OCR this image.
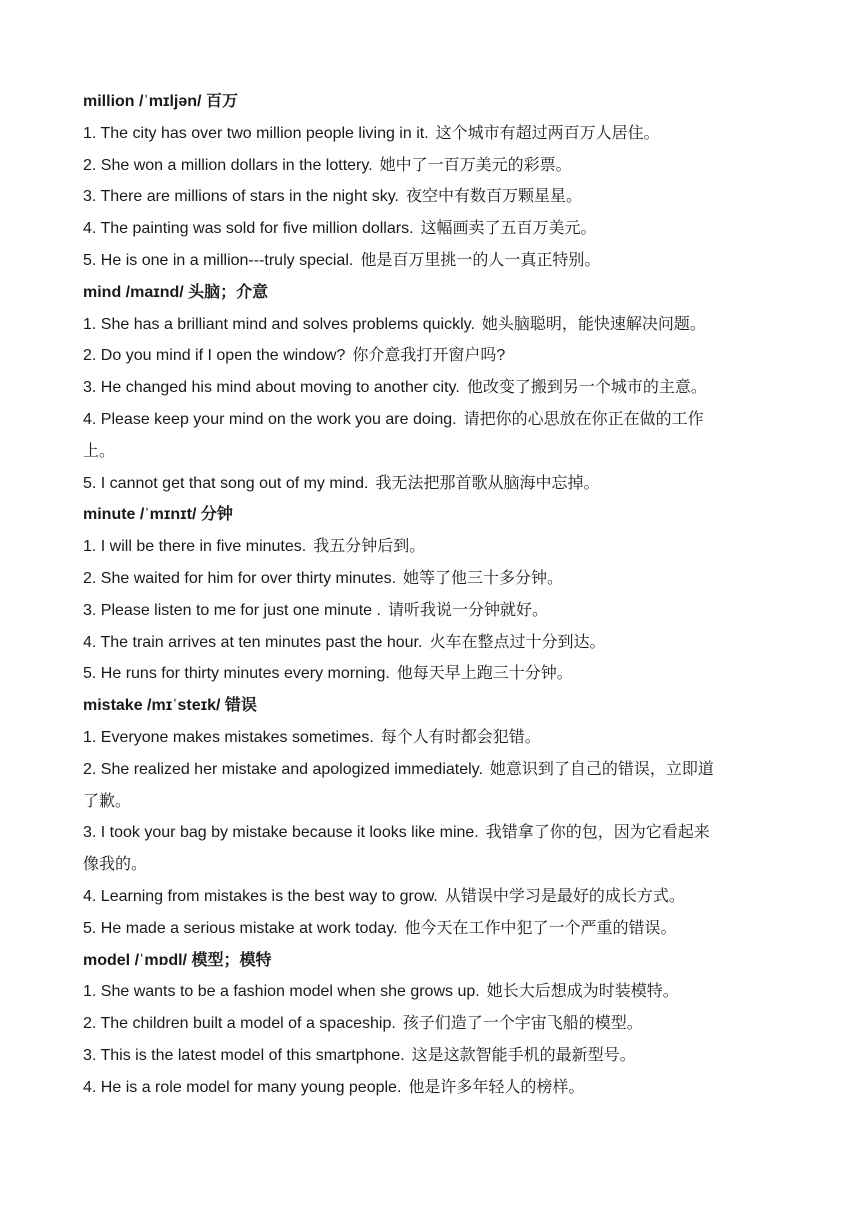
million /ˈmɪljən/ 百万
1. The city has over two million people living in it. 这个城市有超过两百万人居住。
2. She won a million dollars in the lottery. 她中了一百万美元的彩票。
3. There are millions of stars in the night sky. 夜空中有数百万颗星星。
4. The painting was sold for five million dollars. 这幅画卖了五百万美元。
5. He is one in a million---truly special. 他是百万里挑一的人一真正特别。
mind /maɪnd/ 头脑；介意
1. She has a brilliant mind and solves problems quickly. 她头脑聪明，能快速解决问题。
2. Do you mind if I open the window? 你介意我打开窗户吗?
3. He changed his mind about moving to another city. 他改变了搬到另一个城市的主意。
4. Please keep your mind on the work you are doing. 请把你的心思放在你正在做的工作
上。
5. I cannot get that song out of my mind. 我无法把那首歌从脑海中忘掉。
minute /ˈmɪnɪt/ 分钟
1. I will be there in five minutes. 我五分钟后到。
2. She waited for him for over thirty minutes. 她等了他三十多分钟。
3. Please listen to me for just one minute . 请听我说一分钟就好。
4. The train arrives at ten minutes past the hour. 火车在整点过十分到达。
5. He runs for thirty minutes every morning. 他每天早上跑三十分钟。
mistake /mɪˈsteɪk/ 错误
1. Everyone makes mistakes sometimes. 每个人有时都会犯错。
2. She realized her mistake and apologized immediately. 她意识到了自己的错误，立即道
了歉。
3. I took your bag by mistake because it looks like mine. 我错拿了你的包，因为它看起来
像我的。
4. Learning from mistakes is the best way to grow. 从错误中学习是最好的成长方式。
5. He made a serious mistake at work today. 他今天在工作中犯了一个严重的错误。
model /ˈmɒdl/ 模型；模特
1. She wants to be a fashion model when she grows up. 她长大后想成为时装模特。
2. The children built a model of a spaceship. 孩子们造了一个宇宙飞船的模型。
3. This is the latest model of this smartphone. 这是这款智能手机的最新型号。
4. He is a role model for many young people. 他是许多年轻人的榜样。
